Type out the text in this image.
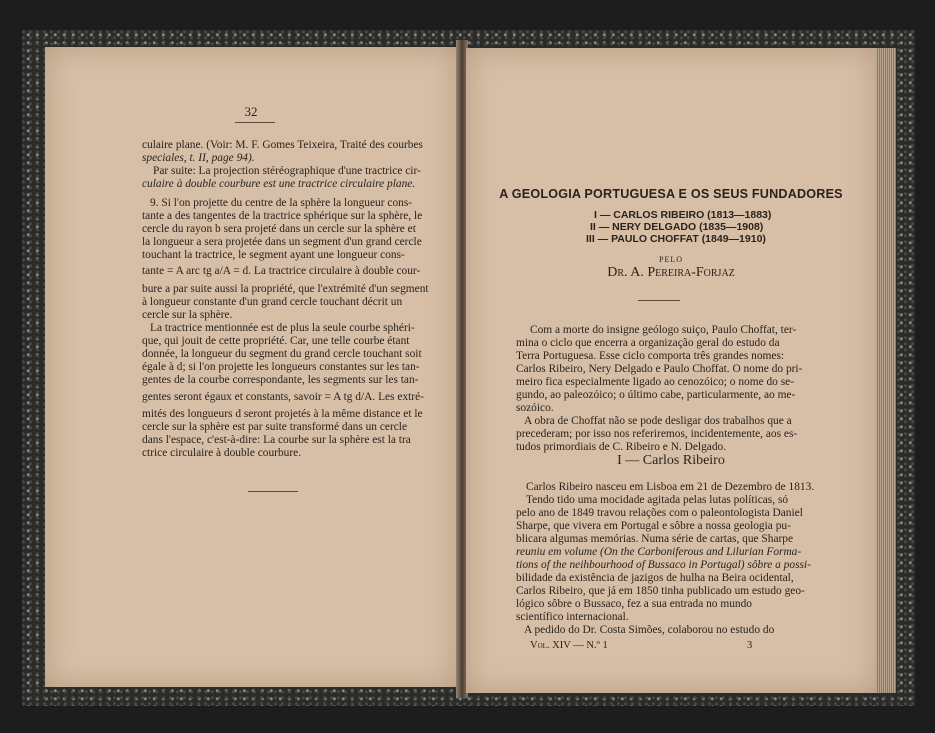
32
culaire plane. (Voir: M. F. Gomes Teixeira, Traité des courbes
speciales, t. II, page 94).
Par suite: La projection stéréographique d'une tractrice cir-
culaire à double courbure est une tractrice circulaire plane.
9. Si l'on projette du centre de la sphère la longueur cons-
tante a des tangentes de la tractrice sphérique sur la sphère, le
cercle du rayon b sera projeté dans un cercle sur la sphère et
la longueur a sera projetée dans un segment d'un grand cercle
touchant la tractrice, le segment ayant une longueur cons-
tante = A arc tg a/A = d. La tractrice circulaire à double cour-
bure a par suite aussi la propriété, que l'extrémité d'un segment
à longueur constante d'un grand cercle touchant décrit un
cercle sur la sphère.
La tractrice mentionnée est de plus la seule courbe sphéri-
que, qui jouit de cette propriété. Car, une telle courbe étant
donnée, la longueur du segment du grand cercle touchant soit
égale à d; si l'on projette les longueurs constantes sur les tan-
gentes de la courbe correspondante, les segments sur les tan-
gentes seront égaux et constants, savoir = A tg d/A. Les extré-
mités des longueurs d seront projetés à la même distance et le
cercle sur la sphère est par suite transformé dans un cercle
dans l'espace, c'est-à-dire: La courbe sur la sphère est la tra
ctrice circulaire à double courbure.
A GEOLOGIA PORTUGUESA E OS SEUS FUNDADORES
I — CARLOS RIBEIRO (1813—1883)
II — NERY DELGADO (1835—1908)
III — PAULO CHOFFAT (1849—1910)
PELO
Dr. A. Pereira-Forjaz
Com a morte do insigne geólogo suiço, Paulo Choffat, ter-
mina o ciclo que encerra a organização geral do estudo da
Terra Portuguesa. Esse ciclo comporta três grandes nomes:
Carlos Ribeiro, Nery Delgado e Paulo Choffat. O nome do pri-
meiro fica especialmente ligado ao cenozóico; o nome do se-
gundo, ao paleozóico; o último cabe, particularmente, ao me-
sozóico.
A obra de Choffat não se pode desligar dos trabalhos que a
precederam; por isso nos referiremos, incidentemente, aos es-
tudos primordiais de C. Ribeiro e N. Delgado.
I — Carlos Ribeiro
Carlos Ribeiro nasceu em Lisboa em 21 de Dezembro de 1813.
Tendo tido uma mocidade agitada pelas lutas políticas, só
pelo ano de 1849 travou relações com o paleontologista Daniel
Sharpe, que vivera em Portugal e sôbre a nossa geologia pu-
blicara algumas memórias. Numa série de cartas, que Sharpe
reuniu em volume (On the Carboniferous and Lilurian Forma-
tions of the neihbourhood of Bussaco in Portugal) sôbre a possi-
bilidade da existência de jazigos de hulha na Beira ocidental,
Carlos Ribeiro, que já em 1850 tinha publicado um estudo geo-
lógico sôbre o Bussaco, fez a sua entrada no mundo
scientífico internacional.
A pedido do Dr. Costa Simões, colaborou no estudo do
Vol. XIV — N.º 1	3
